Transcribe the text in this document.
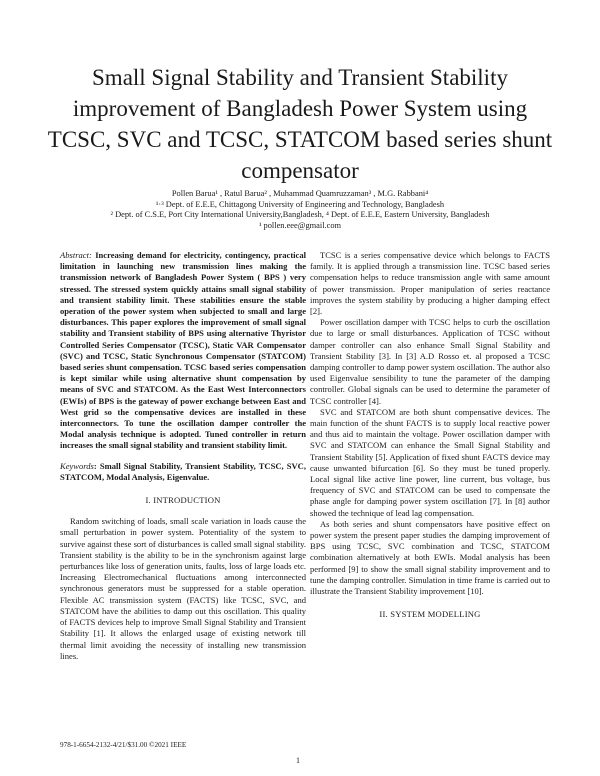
Small Signal Stability and Transient Stability improvement of Bangladesh Power System using TCSC, SVC and TCSC, STATCOM based series shunt compensator
Pollen Barua¹ , Ratul Barua² , Muhammad Quamruzzaman³ , M.G. Rabbani⁴
¹·³ Dept. of E.E.E, Chittagong University of Engineering and Technology, Bangladesh
² Dept. of C.S.E, Port City International University,Bangladesh, ⁴ Dept. of E.E.E, Eastern University, Bangladesh
¹ pollen.eee@gmail.com

Abstract: Increasing demand for electricity, contingency, practical limitation in launching new transmission lines making the transmission network of Bangladesh Power System ( BPS ) very stressed. The stressed system quickly attains small signal stability and transient stability limit. These stabilities ensure the stable operation of the power system when subjected to small and large disturbances. This paper explores the improvement of small signal stability and Transient stability of BPS using alternative Thyristor Controlled Series Compensator (TCSC), Static VAR Compensator (SVC) and TCSC, Static Synchronous Compensator (STATCOM) based series shunt compensation. TCSC based series compensation is kept similar while using alternative shunt compensation by means of SVC and STATCOM. As the East West Interconnectors (EWIs) of BPS is the gateway of power exchange between East and West grid so the compensative devices are installed in these interconnectors. To tune the oscillation damper controller the Modal analysis technique is adopted. Tuned controller in return increases the small signal stability and transient stability limit.

Keywords: Small Signal Stability, Transient Stability, TCSC, SVC, STATCOM, Modal Analysis, Eigenvalue.

I. INTRODUCTION

Random switching of loads, small scale variation in loads cause the small perturbation in power system. Potentiality of the system to survive against these sort of disturbances is called small signal stability. Transient stability is the ability to be in the synchronism against large perturbances like loss of generation units, faults, loss of large loads etc. Increasing Electromechanical fluctuations among interconnected synchronous generators must be suppressed for a stable operation. Flexible AC transmission system (FACTS) like TCSC, SVC, and STATCOM have the abilities to damp out this oscillation. This quality of FACTS devices help to improve Small Signal Stability and Transient Stability [1]. It allows the enlarged usage of existing network till thermal limit avoiding the necessity of installing new transmission lines.

TCSC is a series compensative device which belongs to FACTS family. It is applied through a transmission line. TCSC based series compensation helps to reduce transmission angle with same amount of power transmission. Proper manipulation of series reactance improves the system stability by producing a higher damping effect [2].

Power oscillation damper with TCSC helps to curb the oscillation due to large or small disturbances. Application of TCSC without damper controller can also enhance Small Signal Stability and Transient Stability [3]. In [3] A.D Rosso et. al proposed a TCSC damping controller to damp power system oscillation. The author also used Eigenvalue sensibility to tune the parameter of the damping controller. Global signals can be used to determine the parameter of TCSC controller [4].

SVC and STATCOM are both shunt compensative devices. The main function of the shunt FACTS is to supply local reactive power and thus aid to maintain the voltage. Power oscillation damper with SVC and STATCOM can enhance the Small Signal Stability and Transient Stability [5]. Application of fixed shunt FACTS device may cause unwanted bifurcation [6]. So they must be tuned properly. Local signal like active line power, line current, bus voltage, bus frequency of SVC and STATCOM can be used to compensate the phase angle for damping power system oscillation [7]. In [8] author showed the technique of lead lag compensation.

As both series and shunt compensators have positive effect on power system the present paper studies the damping improvement of BPS using TCSC, SVC combination and TCSC, STATCOM combination alternatively at both EWIs. Modal analysis has been performed [9] to show the small signal stability improvement and to tune the damping controller. Simulation in time frame is carried out to illustrate the Transient Stability improvement [10].

II. SYSTEM MODELLING
978-1-6654-2132-4/21/$31.00 ©2021 IEEE
1
